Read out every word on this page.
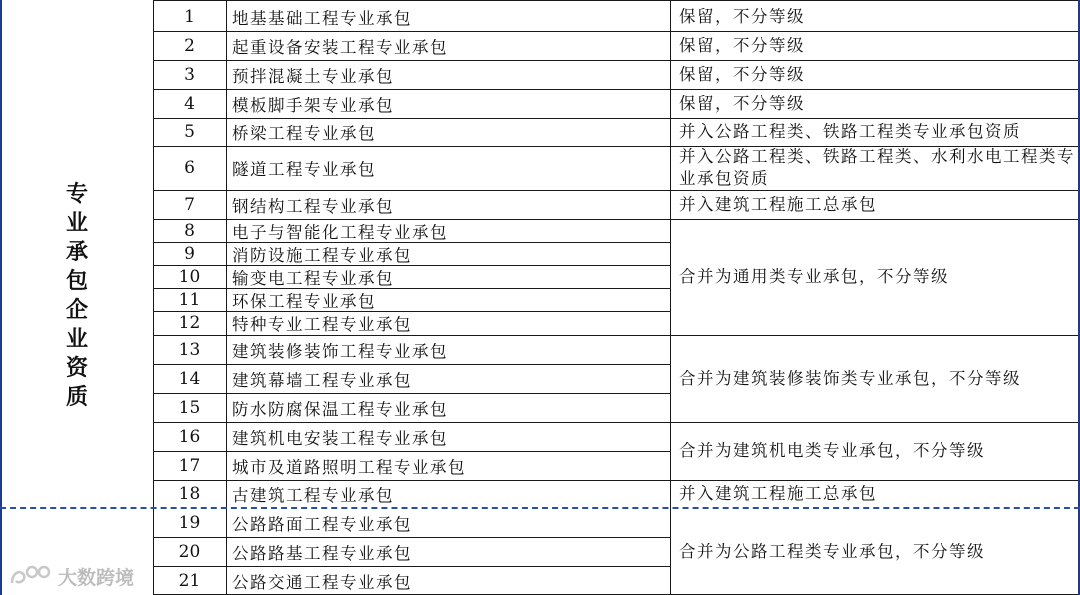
1 地基基础工程专业承包
2 起重设备安装工程专业承包
3 预拌混凝土专业承包
4 模板脚手架专业承包
5 桥梁工程专业承包
6 隧道工程专业承包
7 钢结构工程专业承包
8 电子与智能化工程专业承包
9 消防设施工程专业承包
10 输变电工程专业承包
11 环保工程专业承包
12 特种专业工程专业承包
13 建筑装修装饰工程专业承包
14 建筑幕墙工程专业承包
15 防水防腐保温工程专业承包
16 建筑机电安装工程专业承包
17 城市及道路照明工程专业承包
18 古建筑工程专业承包
19 公路路面工程专业承包
20 公路路基工程专业承包
21 公路交通工程专业承包
保留，不分等级
保留，不分等级
保留，不分等级
保留，不分等级
并入公路工程类、铁路工程类专业承包资质
并入公路工程类、铁路工程类、水利水电工程类专业承包资质
并入建筑工程施工总承包
合并为通用类专业承包，不分等级
合并为建筑装修装饰类专业承包，不分等级
合并为建筑机电类专业承包，不分等级
并入建筑工程施工总承包
合并为公路工程类专业承包，不分等级
专
业
承
包
企
业
资
质
大数跨境
